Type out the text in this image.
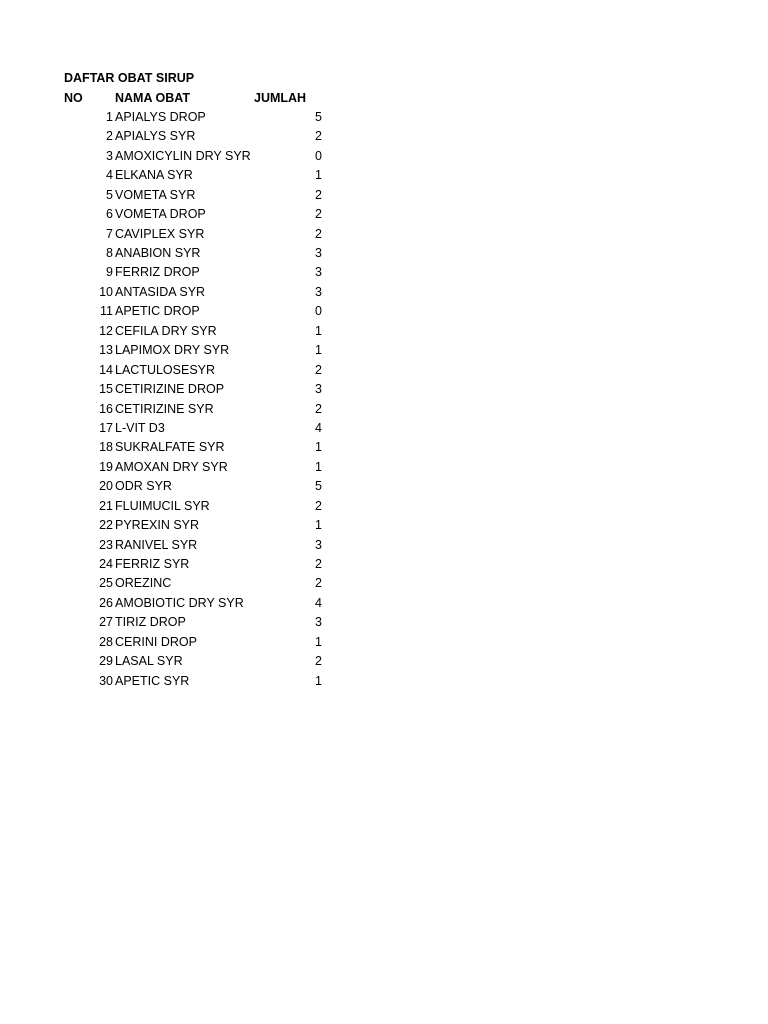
DAFTAR OBAT SIRUP
NO	NAMA OBAT	JUMLAH
1 APIALYS DROP	5
2 APIALYS SYR	2
3 AMOXICYLIN DRY SYR	0
4 ELKANA SYR	1
5 VOMETA SYR	2
6 VOMETA DROP	2
7 CAVIPLEX SYR	2
8 ANABION SYR	3
9 FERRIZ DROP	3
10 ANTASIDA SYR	3
11 APETIC DROP	0
12 CEFILA DRY SYR	1
13 LAPIMOX DRY SYR	1
14 LACTULOSESYR	2
15 CETIRIZINE DROP	3
16 CETIRIZINE SYR	2
17 L-VIT D3	4
18 SUKRALFATE SYR	1
19 AMOXAN DRY SYR	1
20 ODR SYR	5
21 FLUIMUCIL SYR	2
22 PYREXIN SYR	1
23 RANIVEL SYR	3
24 FERRIZ SYR	2
25 OREZINC	2
26 AMOBIOTIC DRY SYR	4
27 TIRIZ DROP	3
28 CERINI DROP	1
29 LASAL SYR	2
30 APETIC SYR	1
